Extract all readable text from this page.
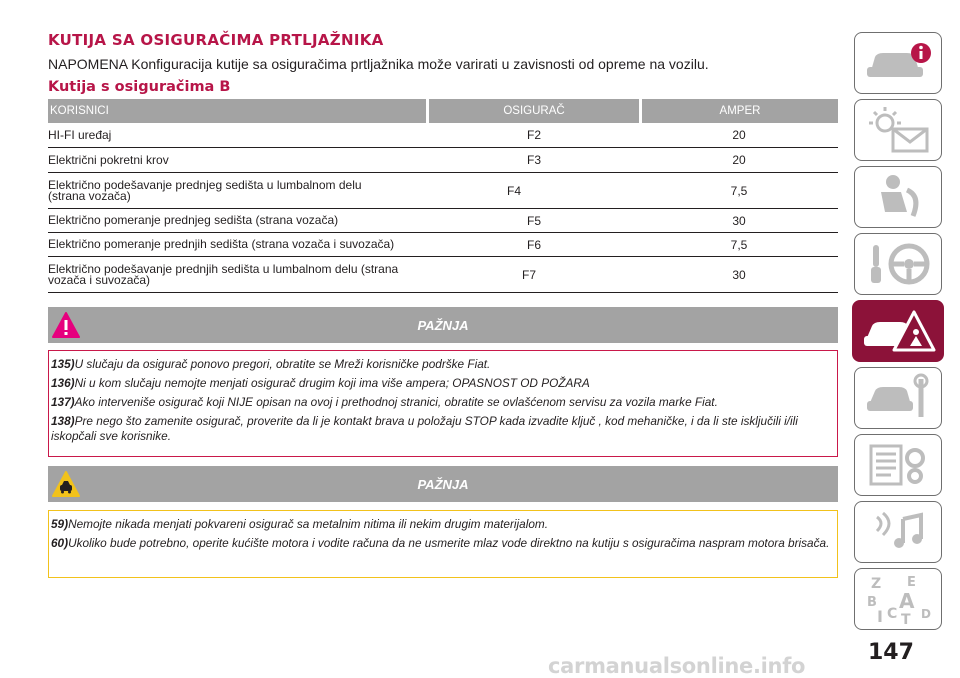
KUTIJA SA OSIGURAČIMA PRTLJAŽNIKA
NAPOMENA Konfiguracija kutije sa osiguračima prtljažnika može varirati u zavisnosti od opreme na vozilu.
Kutija s osiguračima B
KORISNICI	OSIGURAČ	AMPER
HI-FI uređaj	F2	20
Električni pokretni krov	F3	20
Električno podešavanje prednjeg sedišta u lumbalnom delu (strana vozača)	F4	7,5
Električno pomeranje prednjeg sedišta (strana vozača)	F5	30
Električno pomeranje prednjih sedišta (strana vozača i suvozača)	F6	7,5
Električno podešavanje prednjih sedišta u lumbalnom delu (strana vozača i suvozača)	F7	30
PAŽNJA

135)U slučaju da osigurač ponovo pregori, obratite se Mreži korisničke podrške Fiat.

136)Ni u kom slučaju nemojte menjati osigurač drugim koji ima više ampera; OPASNOST OD POŽARA

137)Ako interveniše osigurač koji NIJE opisan na ovoj i prethodnoj stranici, obratite se ovlašćenom servisu za vozila marke Fiat.

138)Pre nego što zamenite osigurač, proverite da li je kontakt brava u položaju STOP kada izvadite ključ , kod mehaničke, i da li ste isključili i/ili iskopčali sve korisnike.

PAŽNJA

59)Nemojte nikada menjati pokvareni osigurač sa metalnim nitima ili nekim drugim materijalom.

60)Ukoliko bude potrebno, operite kućište motora i vodite računa da ne usmerite mlaz vode direktno na kutiju s osiguračima naspram motora brisača.

Z E
B A
I C T D
147
carmanualsonline.info
